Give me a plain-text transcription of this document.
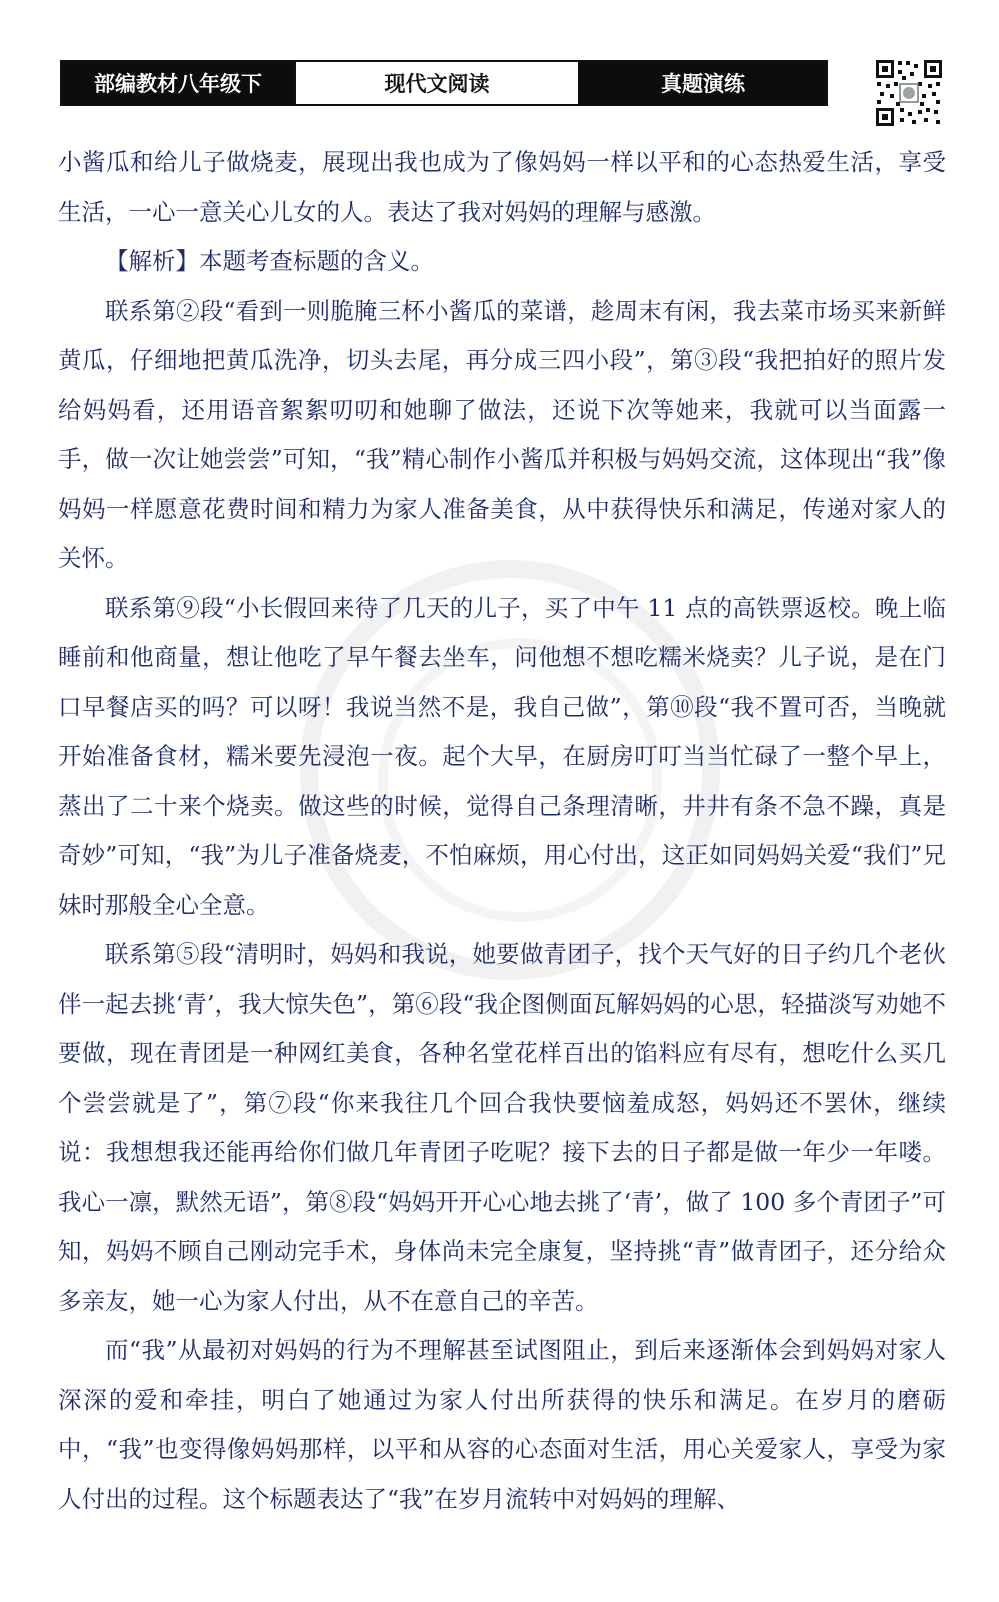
部编教材八年级下	现代文阅读	真题演练

小酱瓜和给儿子做烧麦，展现出我也成为了像妈妈一样以平和的心态热爱生活，享受生活，一心一意关心儿女的人。表达了我对妈妈的理解与感激。

【解析】本题考查标题的含义。

联系第②段“看到一则脆腌三杯小酱瓜的菜谱，趁周末有闲，我去菜市场买来新鲜黄瓜，仔细地把黄瓜洗净，切头去尾，再分成三四小段”，第③段“我把拍好的照片发给妈妈看，还用语音絮絮叨叨和她聊了做法，还说下次等她来，我就可以当面露一手，做一次让她尝尝”可知，“我”精心制作小酱瓜并积极与妈妈交流，这体现出“我”像妈妈一样愿意花费时间和精力为家人准备美食，从中获得快乐和满足，传递对家人的关怀。

联系第⑨段“小长假回来待了几天的儿子，买了中午 11 点的高铁票返校。晚上临睡前和他商量，想让他吃了早午餐去坐车，问他想不想吃糯米烧卖？儿子说，是在门口早餐店买的吗？可以呀！我说当然不是，我自己做”，第⑩段“我不置可否，当晚就开始准备食材，糯米要先浸泡一夜。起个大早，在厨房叮叮当当忙碌了一整个早上，蒸出了二十来个烧卖。做这些的时候，觉得自己条理清晰，井井有条不急不躁，真是奇妙”可知，“我”为儿子准备烧麦，不怕麻烦，用心付出，这正如同妈妈关爱“我们”兄妹时那般全心全意。

联系第⑤段“清明时，妈妈和我说，她要做青团子，找个天气好的日子约几个老伙伴一起去挑‘青’，我大惊失色”，第⑥段“我企图侧面瓦解妈妈的心思，轻描淡写劝她不要做，现在青团是一种网红美食，各种名堂花样百出的馅料应有尽有，想吃什么买几个尝尝就是了”，第⑦段“你来我往几个回合我快要恼羞成怒，妈妈还不罢休，继续说：我想想我还能再给你们做几年青团子吃呢？接下去的日子都是做一年少一年喽。我心一凛，默然无语”，第⑧段“妈妈开开心心地去挑了‘青’，做了 100 多个青团子”可知，妈妈不顾自己刚动完手术，身体尚未完全康复，坚持挑“青”做青团子，还分给众多亲友，她一心为家人付出，从不在意自己的辛苦。

而“我”从最初对妈妈的行为不理解甚至试图阻止，到后来逐渐体会到妈妈对家人深深的爱和牵挂，明白了她通过为家人付出所获得的快乐和满足。在岁月的磨砺中，“我”也变得像妈妈那样，以平和从容的心态面对生活，用心关爱家人，享受为家人付出的过程。这个标题表达了“我”在岁月流转中对妈妈的理解、
